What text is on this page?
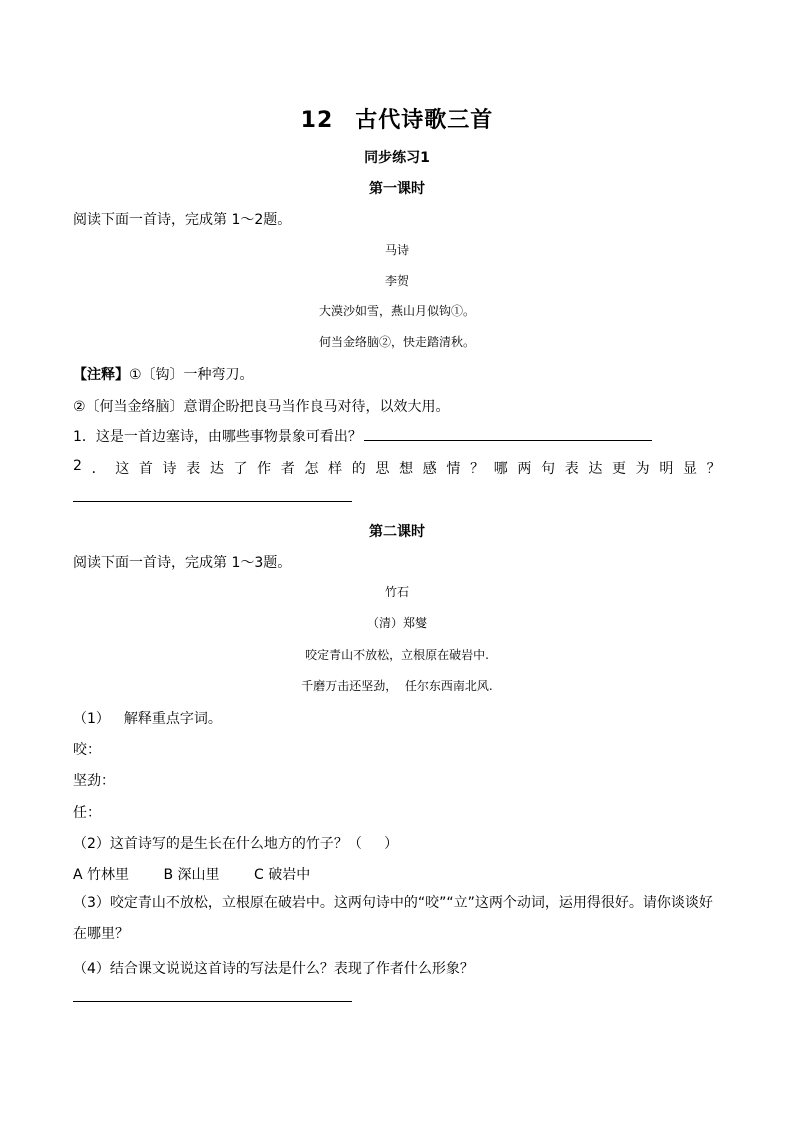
12 古代诗歌三首
同步练习1
第一课时
阅读下面一首诗，完成第 1～2题。
马诗
李贺
大漠沙如雪，燕山月似钩①。
何当金络脑②，快走踏清秋。
【注释】①〔钩〕一种弯刀。
②〔何当金络脑〕意谓企盼把良马当作良马对待，以效大用。
1．这是一首边塞诗，由哪些事物景象可看出？
2 ． 这 首 诗 表 达 了 作 者 怎 样 的 思 想 感 情 ？ 哪 两 句 表 达 更 为 明 显 ？
第二课时
阅读下面一首诗，完成第 1～3题。
竹石
（清）郑燮
咬定青山不放松，立根原在破岩中.
千磨万击还坚劲，  任尔东西南北风.
（1） 解释重点字词。
咬：
坚劲：
任：
（2）这首诗写的是生长在什么地方的竹子？（     ）
A 竹林里 B 深山里 C 破岩中
（3）咬定青山不放松，立根原在破岩中。这两句诗中的“咬”“立”这两个动词，运用得很好。请你谈谈好在哪里？
（4）结合课文说说这首诗的写法是什么？表现了作者什么形象？
